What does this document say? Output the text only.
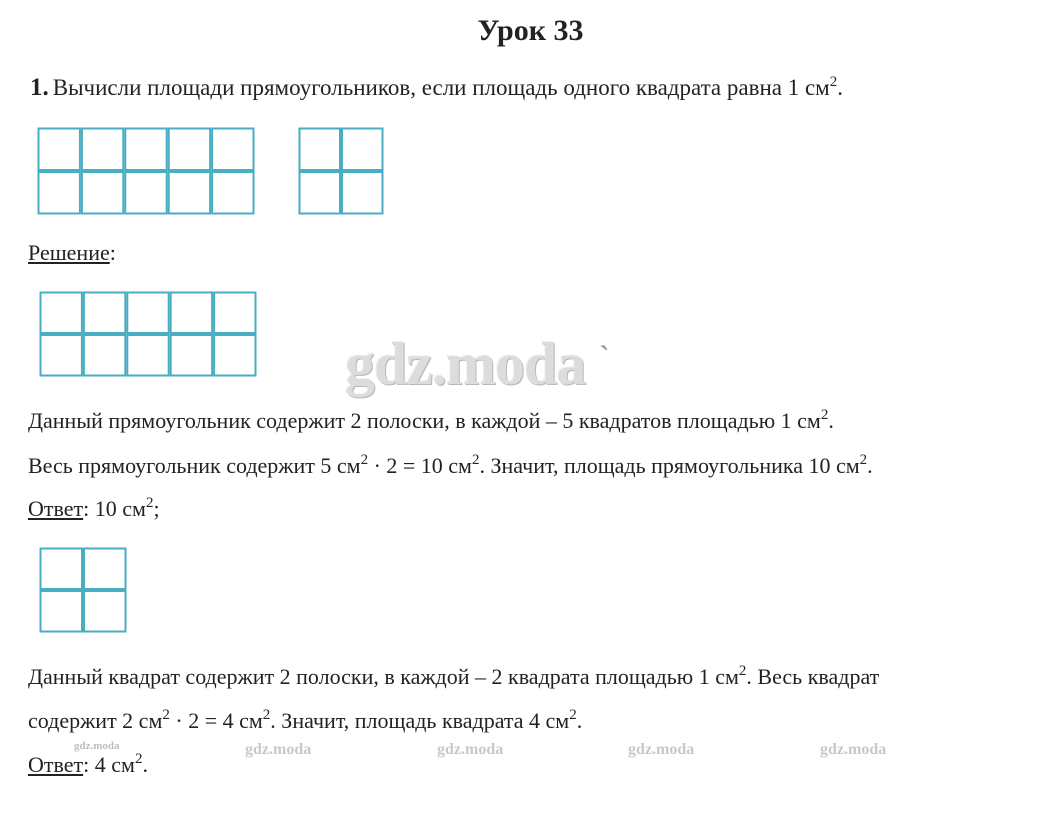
Урок 33
1. Вычисли площади прямоугольников, если площадь одного квадрата равна 1 $см^2$.
Решение:
gdz.moda `
Данный прямоугольник содержит 2 полоски, в каждой – 5 квадратов площадью 1 $см^2$.
Весь прямоугольник содержит 5 $см^2 \cdot 2 = 10$ $см^2$. Значит, площадь прямоугольника 10 $см^2$.
Ответ: 10 $см^2$;
Данный квадрат содержит 2 полоски, в каждой – 2 квадрата площадью 1 $см^2$. Весь квадрат
содержит 2 $см^2 \cdot 2 = 4$ $см^2$. Значит, площадь квадрата 4 $см^2$.
gdz.moda	gdz.moda	gdz.moda	gdz.moda	gdz.moda
Ответ: 4 $см^2$.
